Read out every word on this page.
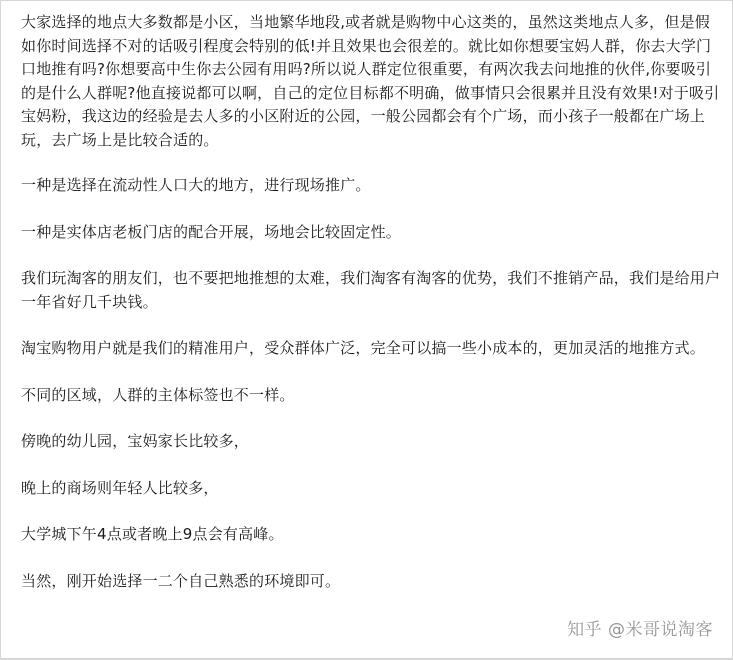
大家选择的地点大多数都是小区，当地繁华地段,或者就是购物中心这类的，虽然这类地点人多，但是假如你时间选择不对的话吸引程度会特别的低!并且效果也会很差的。就比如你想要宝妈人群，你去大学门口地推有吗?你想要高中生你去公园有用吗?所以说人群定位很重要，有两次我去问地推的伙伴,你要吸引的是什么人群呢?他直接说都可以啊，自己的定位目标都不明确，做事情只会很累并且没有效果!对于吸引宝妈粉，我这边的经验是去人多的小区附近的公园，一般公园都会有个广场，而小孩子一般都在广场上玩，去广场上是比较合适的。

一种是选择在流动性人口大的地方，进行现场推广。

一种是实体店老板门店的配合开展，场地会比较固定性。

我们玩淘客的朋友们，也不要把地推想的太难，我们淘客有淘客的优势，我们不推销产品，我们是给用户一年省好几千块钱。

淘宝购物用户就是我们的精准用户，受众群体广泛，完全可以搞一些小成本的，更加灵活的地推方式。

不同的区域，人群的主体标签也不一样。

傍晚的幼儿园，宝妈家长比较多，

晚上的商场则年轻人比较多，

大学城下午4点或者晚上9点会有高峰。

当然，刚开始选择一二个自己熟悉的环境即可。

知乎 @米哥说淘客
